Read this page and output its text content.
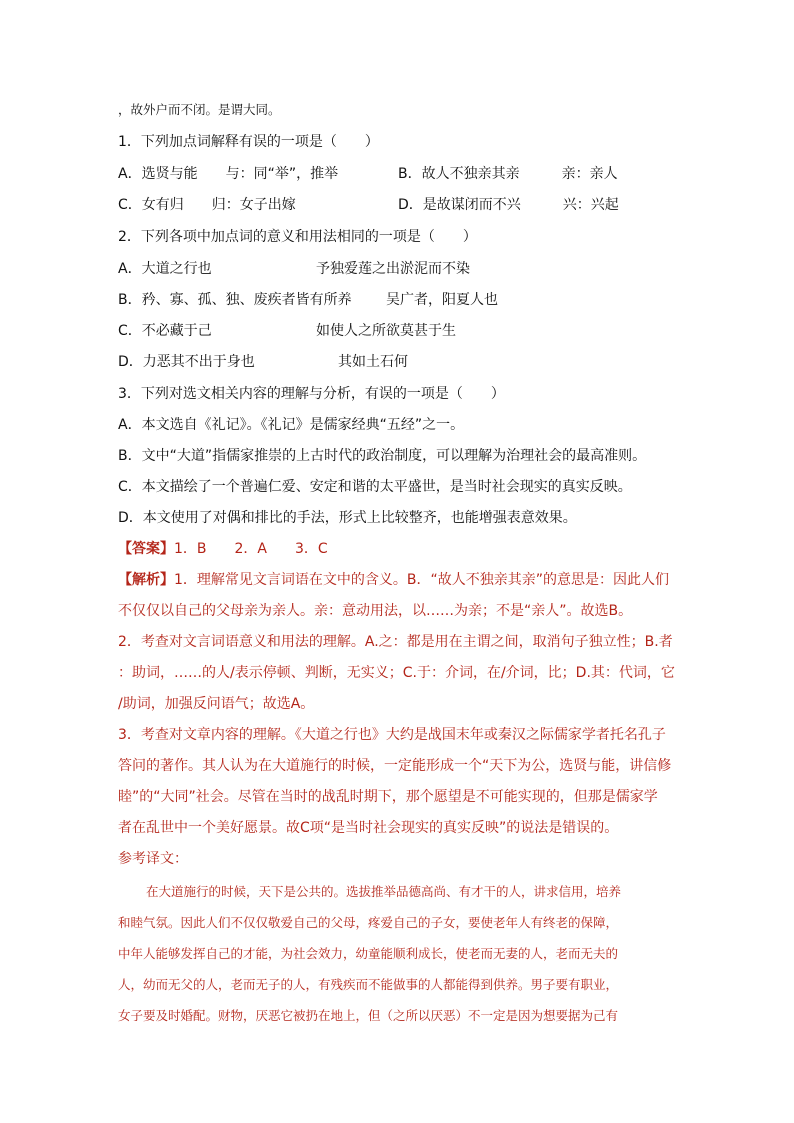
，故外户而不闭。是谓大同。
1．下列加点词解释有误的一项是（　　）
A．选贤与能　　与：同“举”，推举	B．故人不独亲其亲　　　亲：亲人
C．女有归　　归：女子出嫁	D．是故谋闭而不兴　　　兴：兴起
2．下列各项中加点词的意义和用法相同的一项是（　　）
A．大道之行也	予独爱莲之出淤泥而不染
B．矜、寡、孤、独、废疾者皆有所养 吴广者，阳夏人也
C．不必藏于己	如使人之所欲莫甚于生
D．力恶其不出于身也	其如土石何
3．下列对选文相关内容的理解与分析，有误的一项是（　　）
A．本文选自《礼记》。《礼记》是儒家经典“五经”之一。
B．文中“大道”指儒家推崇的上古时代的政治制度，可以理解为治理社会的最高准则。
C．本文描绘了一个普遍仁爱、安定和谐的太平盛世，是当时社会现实的真实反映。
D．本文使用了对偶和排比的手法，形式上比较整齐，也能增强表意效果。
【答案】1．B　　2．A　　3．C
【解析】1．理解常见文言词语在文中的含义。B．“故人不独亲其亲”的意思是：因此人们
不仅仅以自己的父母亲为亲人。亲：意动用法，以……为亲；不是“亲人”。故选B。
2．考查对文言词语意义和用法的理解。A.之：都是用在主谓之间，取消句子独立性；B.者
：助词，……的人/表示停顿、判断，无实义；C.于：介词，在/介词，比；D.其：代词，它
/助词，加强反问语气；故选A。
3．考查对文章内容的理解。《大道之行也》大约是战国末年或秦汉之际儒家学者托名孔子
答问的著作。其人认为在大道施行的时候，一定能形成一个“天下为公，选贤与能，讲信修
睦”的“大同”社会。尽管在当时的战乱时期下，那个愿望是不可能实现的，但那是儒家学
者在乱世中一个美好愿景。故C项“是当时社会现实的真实反映”的说法是错误的。
参考译文：
在大道施行的时候，天下是公共的。选拔推举品德高尚、有才干的人，讲求信用，培养
和睦气氛。因此人们不仅仅敬爱自己的父母，疼爱自己的子女，要使老年人有终老的保障，
中年人能够发挥自己的才能，为社会效力，幼童能顺利成长，使老而无妻的人，老而无夫的
人，幼而无父的人，老而无子的人，有残疾而不能做事的人都能得到供养。男子要有职业，
女子要及时婚配。财物，厌恶它被扔在地上，但（之所以厌恶）不一定是因为想要据为己有
